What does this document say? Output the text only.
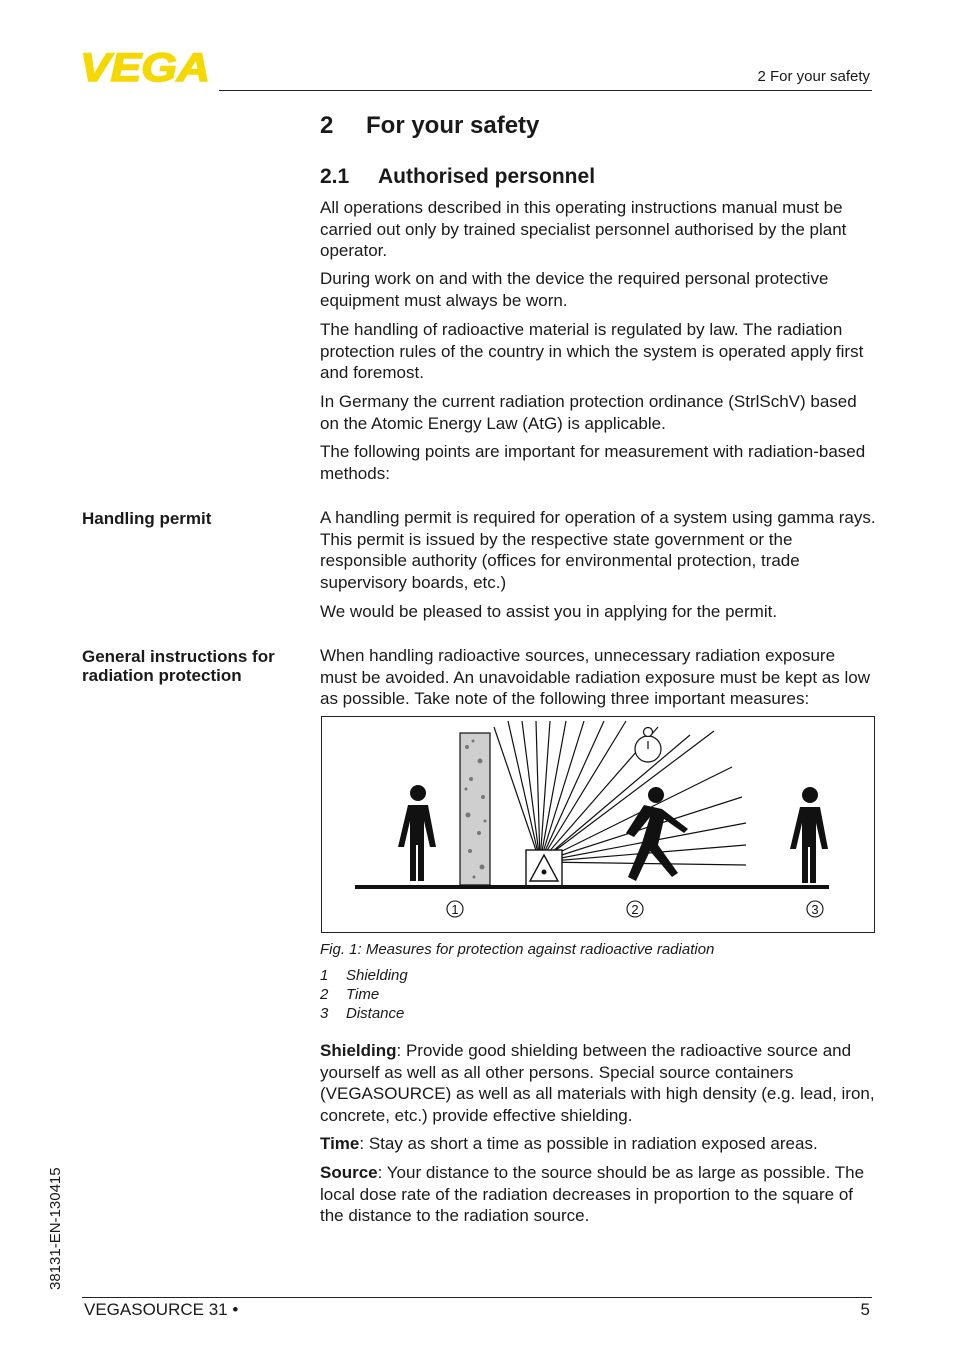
VEGA	2 For your safety
2 For your safety
2.1 Authorised personnel

All operations described in this operating instructions manual must be carried out only by trained specialist personnel authorised by the plant operator.

During work on and with the device the required personal protective equipment must always be worn.

The handling of radioactive material is regulated by law. The radiation protection rules of the country in which the system is operated apply first and foremost.

In Germany the current radiation protection ordinance (StrlSchV) based on the Atomic Energy Law (AtG) is applicable.

The following points are important for measurement with radiation-based methods:

Handling permit	A handling permit is required for operation of a system using gamma rays. This permit is issued by the respective state government or the responsible authority (offices for environmental protection, trade supervisory boards, etc.)

We would be pleased to assist you in applying for the permit.

General instructions for radiation protection

When handling radioactive sources, unnecessary radiation exposure must be avoided. An unavoidable radiation exposure must be kept as low as possible. Take note of the following three important measures:

1	2	3
Fig. 1: Measures for protection against radioactive radiation
1 Shielding
2 Time
3 Distance

Shielding: Provide good shielding between the radioactive source and yourself as well as all other persons. Special source containers (VEGASOURCE) as well as all materials with high density (e.g. lead, iron, concrete, etc.) provide effective shielding.

Time: Stay as short a time as possible in radiation exposed areas.

Source: Your distance to the source should be as large as possible. The local dose rate of the radiation decreases in proportion to the square of the distance to the radiation source.

38131-EN-130415
VEGASOURCE 31 •	5
